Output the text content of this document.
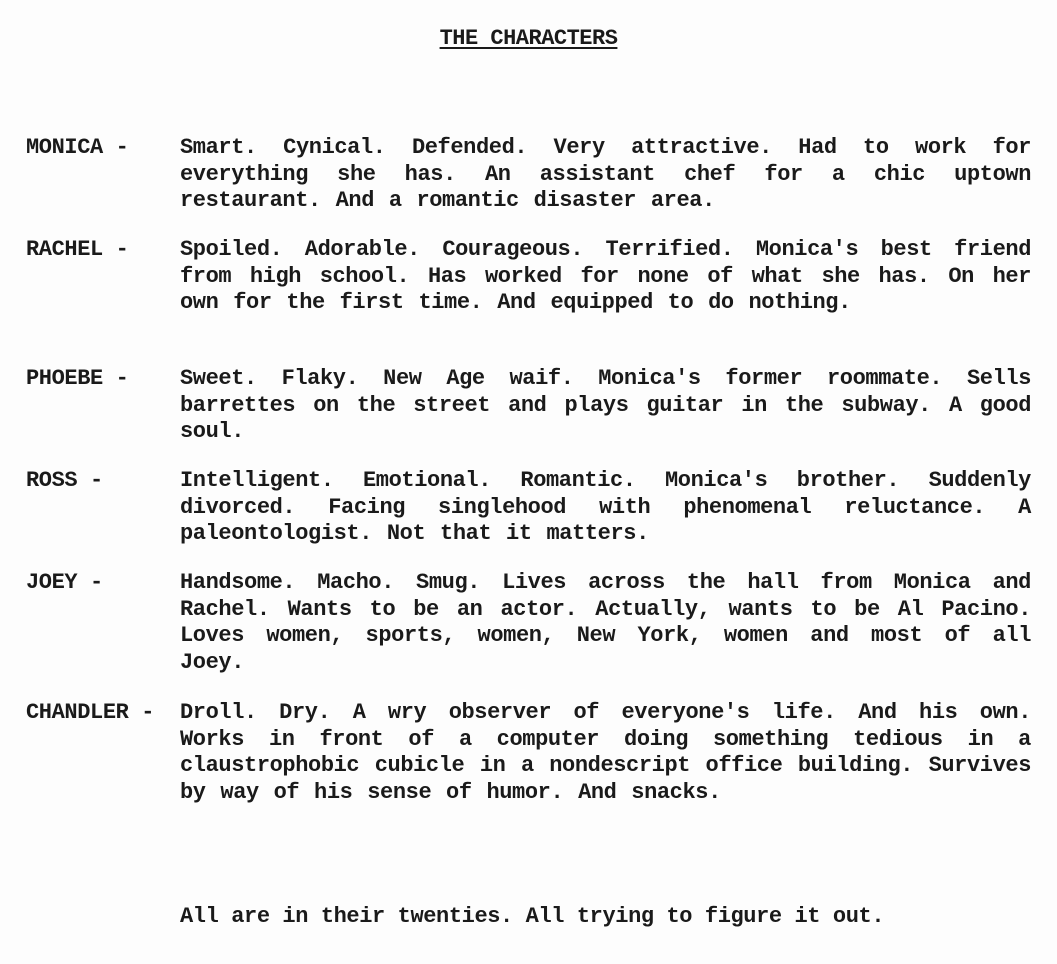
THE CHARACTERS
MONICA - Smart. Cynical. Defended. Very attractive. Had to work for everything she has. An assistant chef for a chic uptown restaurant. And a romantic disaster area.
RACHEL - Spoiled. Adorable. Courageous. Terrified. Monica's best friend from high school. Has worked for none of what she has. On her own for the first time. And equipped to do nothing.
PHOEBE - Sweet. Flaky. New Age waif. Monica's former roommate. Sells barrettes on the street and plays guitar in the subway. A good soul.
ROSS -	Intelligent. Emotional. Romantic. Monica's brother. Suddenly divorced. Facing singlehood with phenomenal reluctance. A paleontologist. Not that it matters.
JOEY -	Handsome. Macho. Smug. Lives across the hall from Monica and Rachel. Wants to be an actor. Actually, wants to be Al Pacino. Loves women, sports, women, New York, women and most of all Joey.
CHANDLER - Droll. Dry. A wry observer of everyone's life. And his own. Works in front of a computer doing something tedious in a claustrophobic cubicle in a nondescript office building. Survives by way of his sense of humor. And snacks.
All are in their twenties. All trying to figure it out.
